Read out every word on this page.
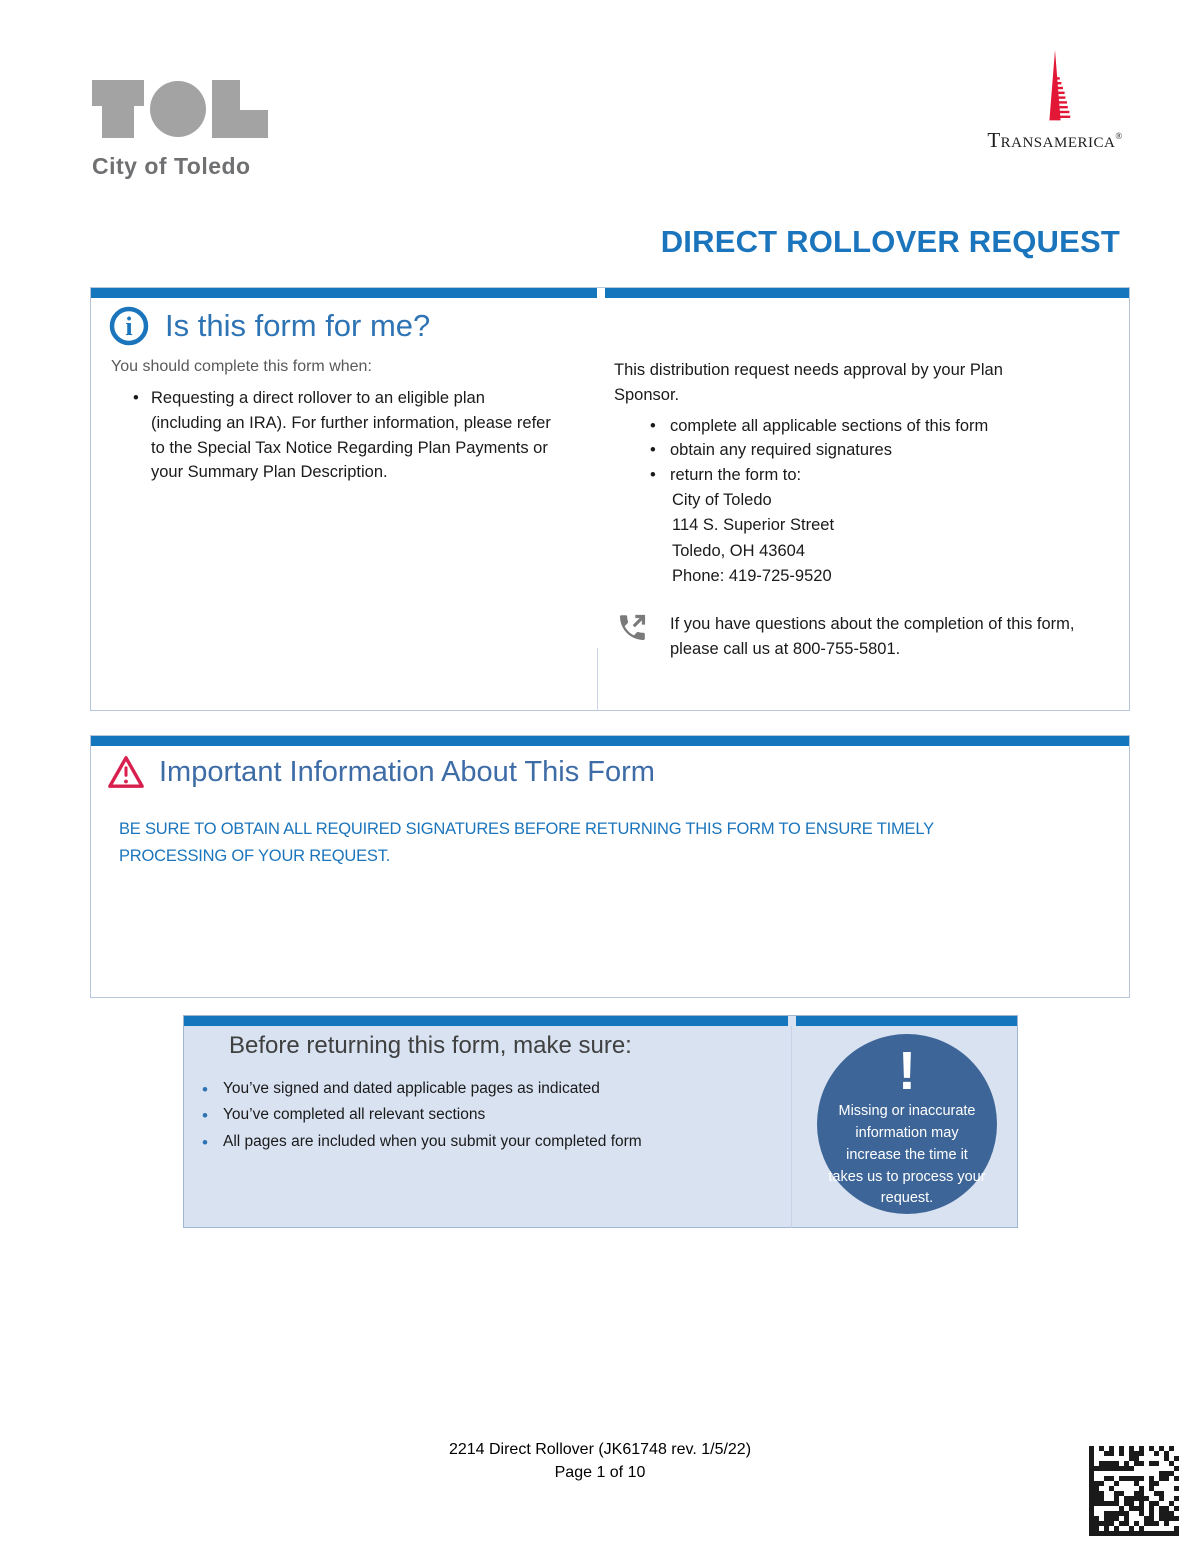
City of Toledo
Transamerica®
DIRECT ROLLOVER REQUEST
i Is this form for me?

You should complete this form when:

• Requesting a direct rollover to an eligible plan (including an IRA). For further information, please refer to the Special Tax Notice Regarding Plan Payments or your Summary Plan Description.

This distribution request needs approval by your Plan Sponsor.

• complete all applicable sections of this form
• obtain any required signatures
• return the form to:
City of Toledo
114 S. Superior Street
Toledo, OH 43604
Phone: 419-725-9520
If you have questions about the completion of this form, please call us at 800-755-5801.
Important Information About This Form
BE SURE TO OBTAIN ALL REQUIRED SIGNATURES BEFORE RETURNING THIS FORM TO ENSURE TIMELY PROCESSING OF YOUR REQUEST.
Before returning this form, make sure:
• You’ve signed and dated applicable pages as indicated
• You’ve completed all relevant sections
• All pages are included when you submit your completed form
!
Missing or inaccurate information may increase the time it takes us to process your request.
2214 Direct Rollover (JK61748 rev. 1/5/22)
Page 1 of 10
